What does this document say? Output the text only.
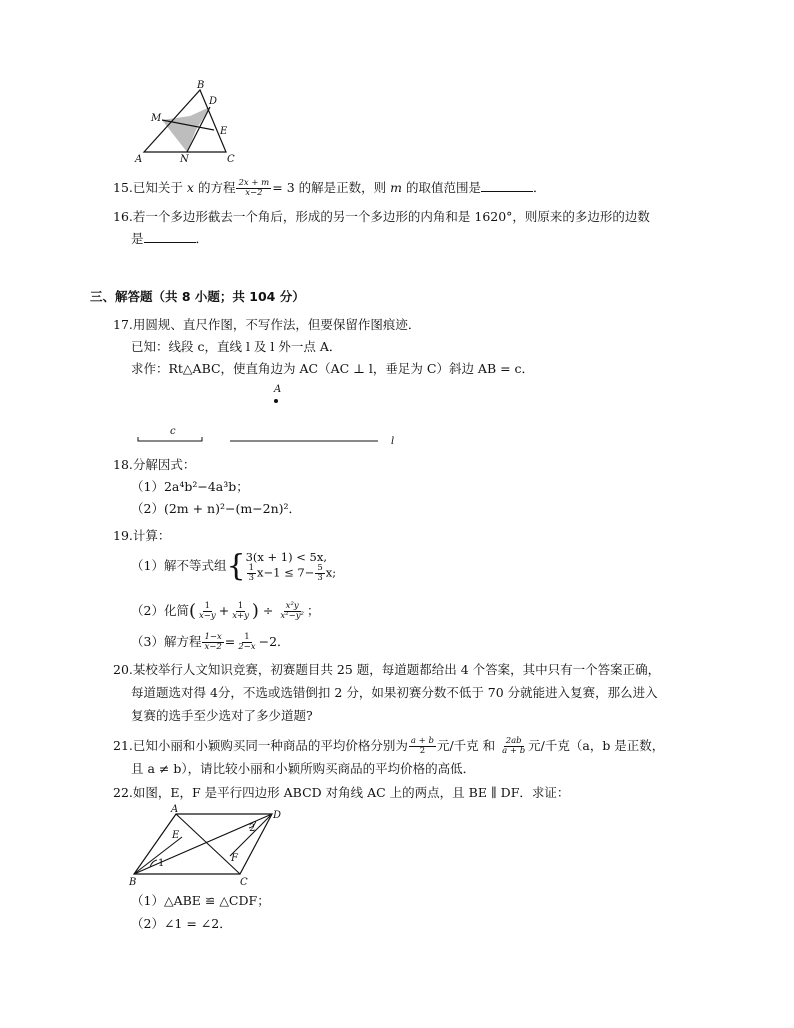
B
D
M
E
A	N	C
15.已知关于 x 的方程 $\frac{2x + m}{x-2} = 3$ 的解是正数，则 m 的取值范围是	．
16.若一个多边形截去一个角后，形成的另一个多边形的内角和是 1620°，则原来的多边形的边数
是	．
三、解答题（共 8 小题；共 104 分）
17.用圆规、直尺作图，不写作法，但要保留作图痕迹．
已知：线段 c，直线 l 及 l 外一点 A．
求作：Rt△ABC，使直角边为 AC（AC ⊥ l，垂足为 C）斜边 AB = c．
A
c
l
18.分解因式：
（1）2a⁴b²−4a³b；
（2）(2m + n)²−(m−2n)²．
19.计算：
（1）解不等式组{ 3(x + 1) < 5x,
$\frac{1}{3} x-1 \le 7- \frac{5}{3} x$;
（2）化简( $\frac{1}{x-y} + \frac{1}{x+y}$ ) ÷ $\frac{\text{x²y}}{\text{x²−y²}}$ ；
（3）解方程 $\frac{1-x}{x-2} = \frac{1}{2-x} -2$．
20.某校举行人文知识竞赛，初赛题目共 25 题，每道题都给出 4 个答案，其中只有一个答案正确，
每道题选对得 4分，不选或选错倒扣 2 分，如果初赛分数不低于 70 分就能进入复赛，那么进入
复赛的选手至少选对了多少道题?
21.已知小丽和小颖购买同一种商品的平均价格分别为 $\frac{a + b}{2}$ 元/千克 和 $\frac{2ab}{a + b}$ 元/千克（a，b 是正数，
且 a ≠ b），请比较小丽和小颖所购买商品的平均价格的高低．
22.如图，E，F 是平行四边形 ABCD 对角线 AC 上的两点，且 BE ∥ DF．求证：
A
D
E
F
B	C
1
2
（1）△ABE ≌ △CDF；
（2）∠1 = ∠2．
